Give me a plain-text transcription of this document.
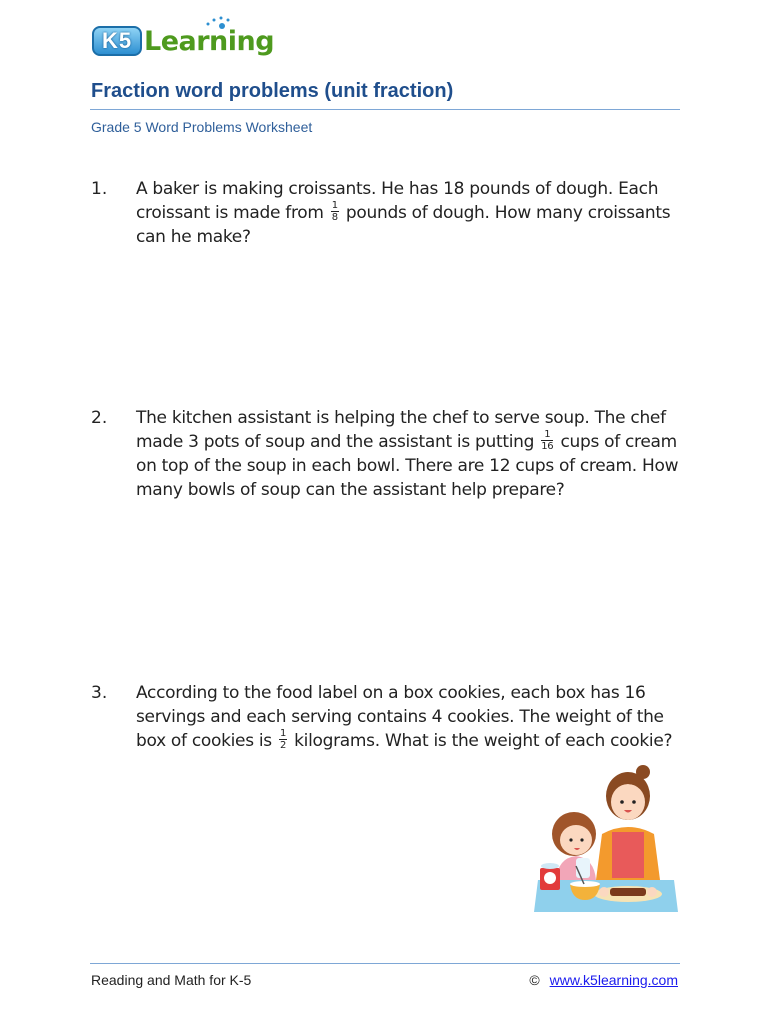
K5 Learning
Fraction word problems (unit fraction)
Grade 5 Word Problems Worksheet
1. A baker is making croissants. He has 18 pounds of dough. Each croissant is made from $\frac{1}{8}$ pounds of dough. How many croissants can he make?
2. The kitchen assistant is helping the chef to serve soup. The chef made 3 pots of soup and the assistant is putting $\frac{1}{16}$ cups of cream on top of the soup in each bowl. There are 12 cups of cream. How many bowls of soup can the assistant help prepare?
3. According to the food label on a box cookies, each box has 16 servings and each serving contains 4 cookies. The weight of the box of cookies is $\frac{1}{2}$ kilograms. What is the weight of each cookie?
Reading and Math for K-5	© www.k5learning.com
